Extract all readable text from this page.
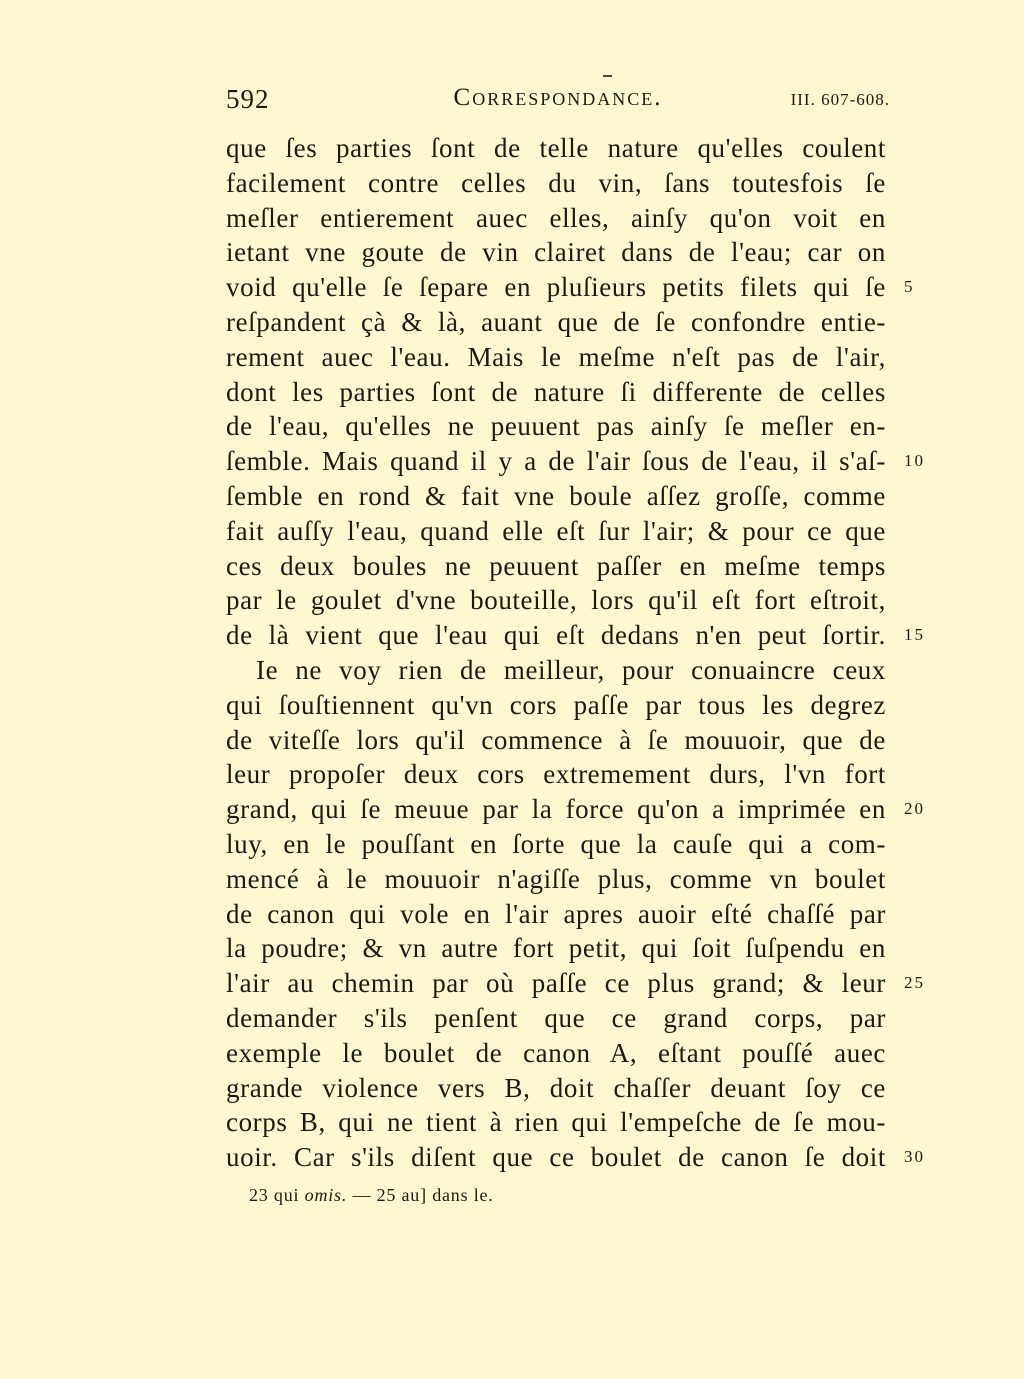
592	Correspondance.	III. 607-608.
que ſes parties ſont de telle nature qu'elles coulent
facilement contre celles du vin, ſans toutesfois ſe
meſler entierement auec elles, ainſy qu'on voit en
ietant vne goute de vin clairet dans de l'eau; car on
void qu'elle ſe ſepare en pluſieurs petits filets qui ſe
reſpandent çà & là, auant que de ſe confondre entie-
rement auec l'eau. Mais le meſme n'eſt pas de l'air,
dont les parties ſont de nature ſi differente de celles
de l'eau, qu'elles ne peuuent pas ainſy ſe meſler en-
ſemble. Mais quand il y a de l'air ſous de l'eau, il s'aſ-
ſemble en rond & fait vne boule aſſez groſſe, comme
fait auſſy l'eau, quand elle eſt ſur l'air; & pour ce que
ces deux boules ne peuuent paſſer en meſme temps
par le goulet d'vne bouteille, lors qu'il eſt fort eſtroit,
de là vient que l'eau qui eſt dedans n'en peut ſortir.
Ie ne voy rien de meilleur, pour conuaincre ceux
qui ſouſtiennent qu'vn cors paſſe par tous les degrez
de viteſſe lors qu'il commence à ſe mouuoir, que de
leur propoſer deux cors extremement durs, l'vn fort
grand, qui ſe meuue par la force qu'on a imprimée en
luy, en le pouſſant en ſorte que la cauſe qui a com-
mencé à le mouuoir n'agiſſe plus, comme vn boulet
de canon qui vole en l'air apres auoir eſté chaſſé par
la poudre; & vn autre fort petit, qui ſoit ſuſpendu en
l'air au chemin par où paſſe ce plus grand; & leur
demander s'ils penſent que ce grand corps, par
exemple le boulet de canon A, eſtant pouſſé auec
grande violence vers B, doit chaſſer deuant ſoy ce
corps B, qui ne tient à rien qui l'empeſche de ſe mou-
uoir. Car s'ils diſent que ce boulet de canon ſe doit
5
10
15
20
25
30
23 qui omis. — 25 au] dans le.
